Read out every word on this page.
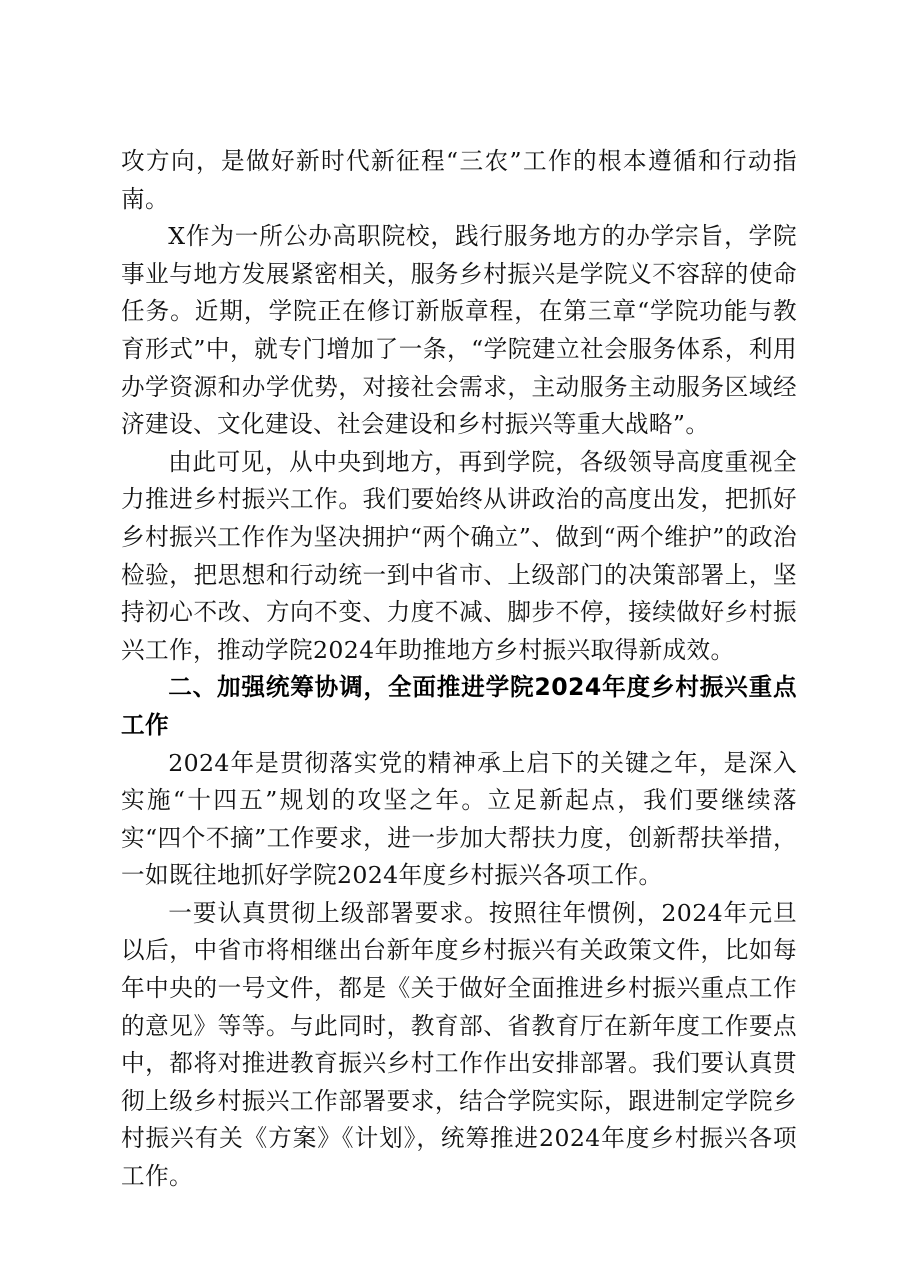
攻方向，是做好新时代新征程“三农”工作的根本遵循和行动指南。

X作为一所公办高职院校，践行服务地方的办学宗旨，学院事业与地方发展紧密相关，服务乡村振兴是学院义不容辞的使命任务。近期，学院正在修订新版章程，在第三章“学院功能与教育形式”中，就专门增加了一条，“学院建立社会服务体系，利用办学资源和办学优势，对接社会需求，主动服务主动服务区域经济建设、文化建设、社会建设和乡村振兴等重大战略”。

由此可见，从中央到地方，再到学院，各级领导高度重视全力推进乡村振兴工作。我们要始终从讲政治的高度出发，把抓好乡村振兴工作作为坚决拥护“两个确立”、做到“两个维护”的政治检验，把思想和行动统一到中省市、上级部门的决策部署上，坚持初心不改、方向不变、力度不减、脚步不停，接续做好乡村振兴工作，推动学院2024年助推地方乡村振兴取得新成效。

二、加强统筹协调，全面推进学院2024年度乡村振兴重点工作

2024年是贯彻落实党的精神承上启下的关键之年，是深入实施“十四五”规划的攻坚之年。立足新起点，我们要继续落实“四个不摘”工作要求，进一步加大帮扶力度，创新帮扶举措，一如既往地抓好学院2024年度乡村振兴各项工作。

一要认真贯彻上级部署要求。按照往年惯例，2024年元旦以后，中省市将相继出台新年度乡村振兴有关政策文件，比如每年中央的一号文件，都是《关于做好全面推进乡村振兴重点工作的意见》等等。与此同时，教育部、省教育厅在新年度工作要点中，都将对推进教育振兴乡村工作作出安排部署。我们要认真贯彻上级乡村振兴工作部署要求，结合学院实际，跟进制定学院乡村振兴有关《方案》《计划》，统筹推进2024年度乡村振兴各项工作。
